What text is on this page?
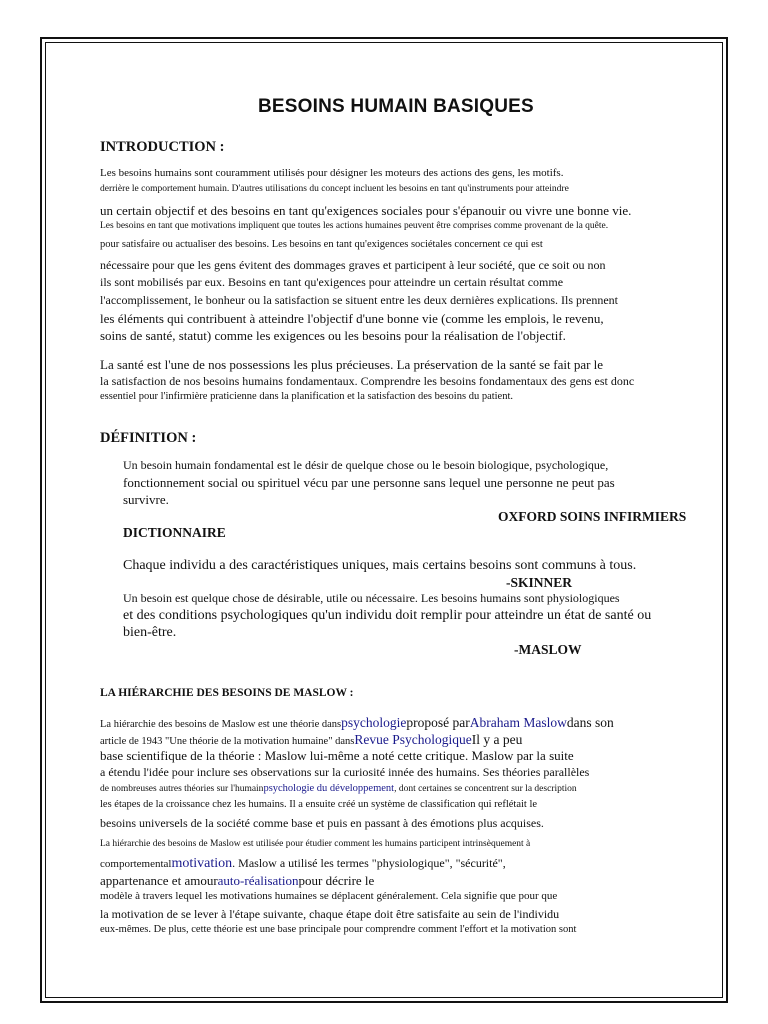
BESOINS HUMAIN BASIQUES
INTRODUCTION :
Les besoins humains sont couramment utilisés pour désigner les moteurs des actions des gens, les motifs.
derrière le comportement humain. D'autres utilisations du concept incluent les besoins en tant qu'instruments pour atteindre
un certain objectif et des besoins en tant qu'exigences sociales pour s'épanouir ou vivre une bonne vie.
Les besoins en tant que motivations impliquent que toutes les actions humaines peuvent être comprises comme provenant de la quête.
pour satisfaire ou actualiser des besoins. Les besoins en tant qu'exigences sociétales concernent ce qui est
nécessaire pour que les gens évitent des dommages graves et participent à leur société, que ce soit ou non
ils sont mobilisés par eux. Besoins en tant qu'exigences pour atteindre un certain résultat comme
l'accomplissement, le bonheur ou la satisfaction se situent entre les deux dernières explications. Ils prennent
les éléments qui contribuent à atteindre l'objectif d'une bonne vie (comme les emplois, le revenu,
soins de santé, statut) comme les exigences ou les besoins pour la réalisation de l'objectif.
La santé est l'une de nos possessions les plus précieuses. La préservation de la santé se fait par le
la satisfaction de nos besoins humains fondamentaux. Comprendre les besoins fondamentaux des gens est donc
essentiel pour l'infirmière praticienne dans la planification et la satisfaction des besoins du patient.
DÉFINITION :
Un besoin humain fondamental est le désir de quelque chose ou le besoin biologique, psychologique,
fonctionnement social ou spirituel vécu par une personne sans lequel une personne ne peut pas
survivre.
OXFORD SOINS INFIRMIERS
DICTIONNAIRE
Chaque individu a des caractéristiques uniques, mais certains besoins sont communs à tous.
-SKINNER
Un besoin est quelque chose de désirable, utile ou nécessaire. Les besoins humains sont physiologiques
et des conditions psychologiques qu'un individu doit remplir pour atteindre un état de santé ou
bien-être.
-MASLOW
LA HIÉRARCHIE DES BESOINS DE MASLOW :
La hiérarchie des besoins de Maslow est une théorie danspsychologieproposé parAbraham Maslowdans son
article de 1943 "Une théorie de la motivation humaine" dansRevue PsychologiqueIl y a peu
base scientifique de la théorie : Maslow lui-même a noté cette critique. Maslow par la suite
a étendu l'idée pour inclure ses observations sur la curiosité innée des humains. Ses théories parallèles
de nombreuses autres théories sur l'humainpsychologie du développement, dont certaines se concentrent sur la description
les étapes de la croissance chez les humains. Il a ensuite créé un système de classification qui reflétait le
besoins universels de la société comme base et puis en passant à des émotions plus acquises.
La hiérarchie des besoins de Maslow est utilisée pour étudier comment les humains participent intrinsèquement à
comportementalmotivation. Maslow a utilisé les termes "physiologique", "sécurité",
appartenance et amourauto-réalisationpour décrire le
modèle à travers lequel les motivations humaines se déplacent généralement. Cela signifie que pour que
la motivation de se lever à l'étape suivante, chaque étape doit être satisfaite au sein de l'individu
eux-mêmes. De plus, cette théorie est une base principale pour comprendre comment l'effort et la motivation sont
